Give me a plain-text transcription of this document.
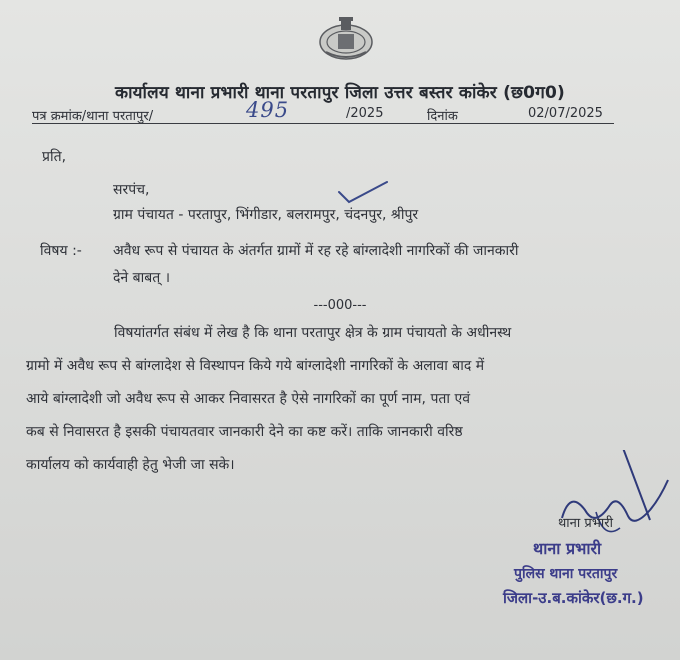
कार्यालय थाना प्रभारी थाना परतापुर जिला उत्तर बस्तर कांकेर (छ0ग0)
पत्र क्रमांक/थाना परतापुर/	495	/2025	दिनांक	02/07/2025
प्रति,
सरपंच,
ग्राम पंचायत - परतापुर, भिंगीडार, बलरामपुर, चंदनपुर, श्रीपुर
विषय :- अवैध रूप से पंचायत के अंतर्गत ग्रामों में रह रहे बांग्लादेशी नागरिकों की जानकारी
देने बाबत् ।
---000---

विषयांतर्गत संबंध में लेख है कि थाना परतापुर क्षेत्र के ग्राम पंचायतो के अधीनस्थ

ग्रामो में अवैध रूप से बांग्लादेश से विस्थापन किये गये बांग्लादेशी नागरिकों के अलावा बाद में

आये बांग्लादेशी जो अवैध रूप से आकर निवासरत है ऐसे नागरिकों का पूर्ण नाम, पता एवं

कब से निवासरत है इसकी पंचायतवार जानकारी देने का कष्ट करें। ताकि जानकारी वरिष्ठ

कार्यालय को कार्यवाही हेतु भेजी जा सके।

थाना प्रभारी
थाना प्रभारी
पुलिस थाना परतापुर
जिला-उ.ब.कांकेर(छ.ग.)
